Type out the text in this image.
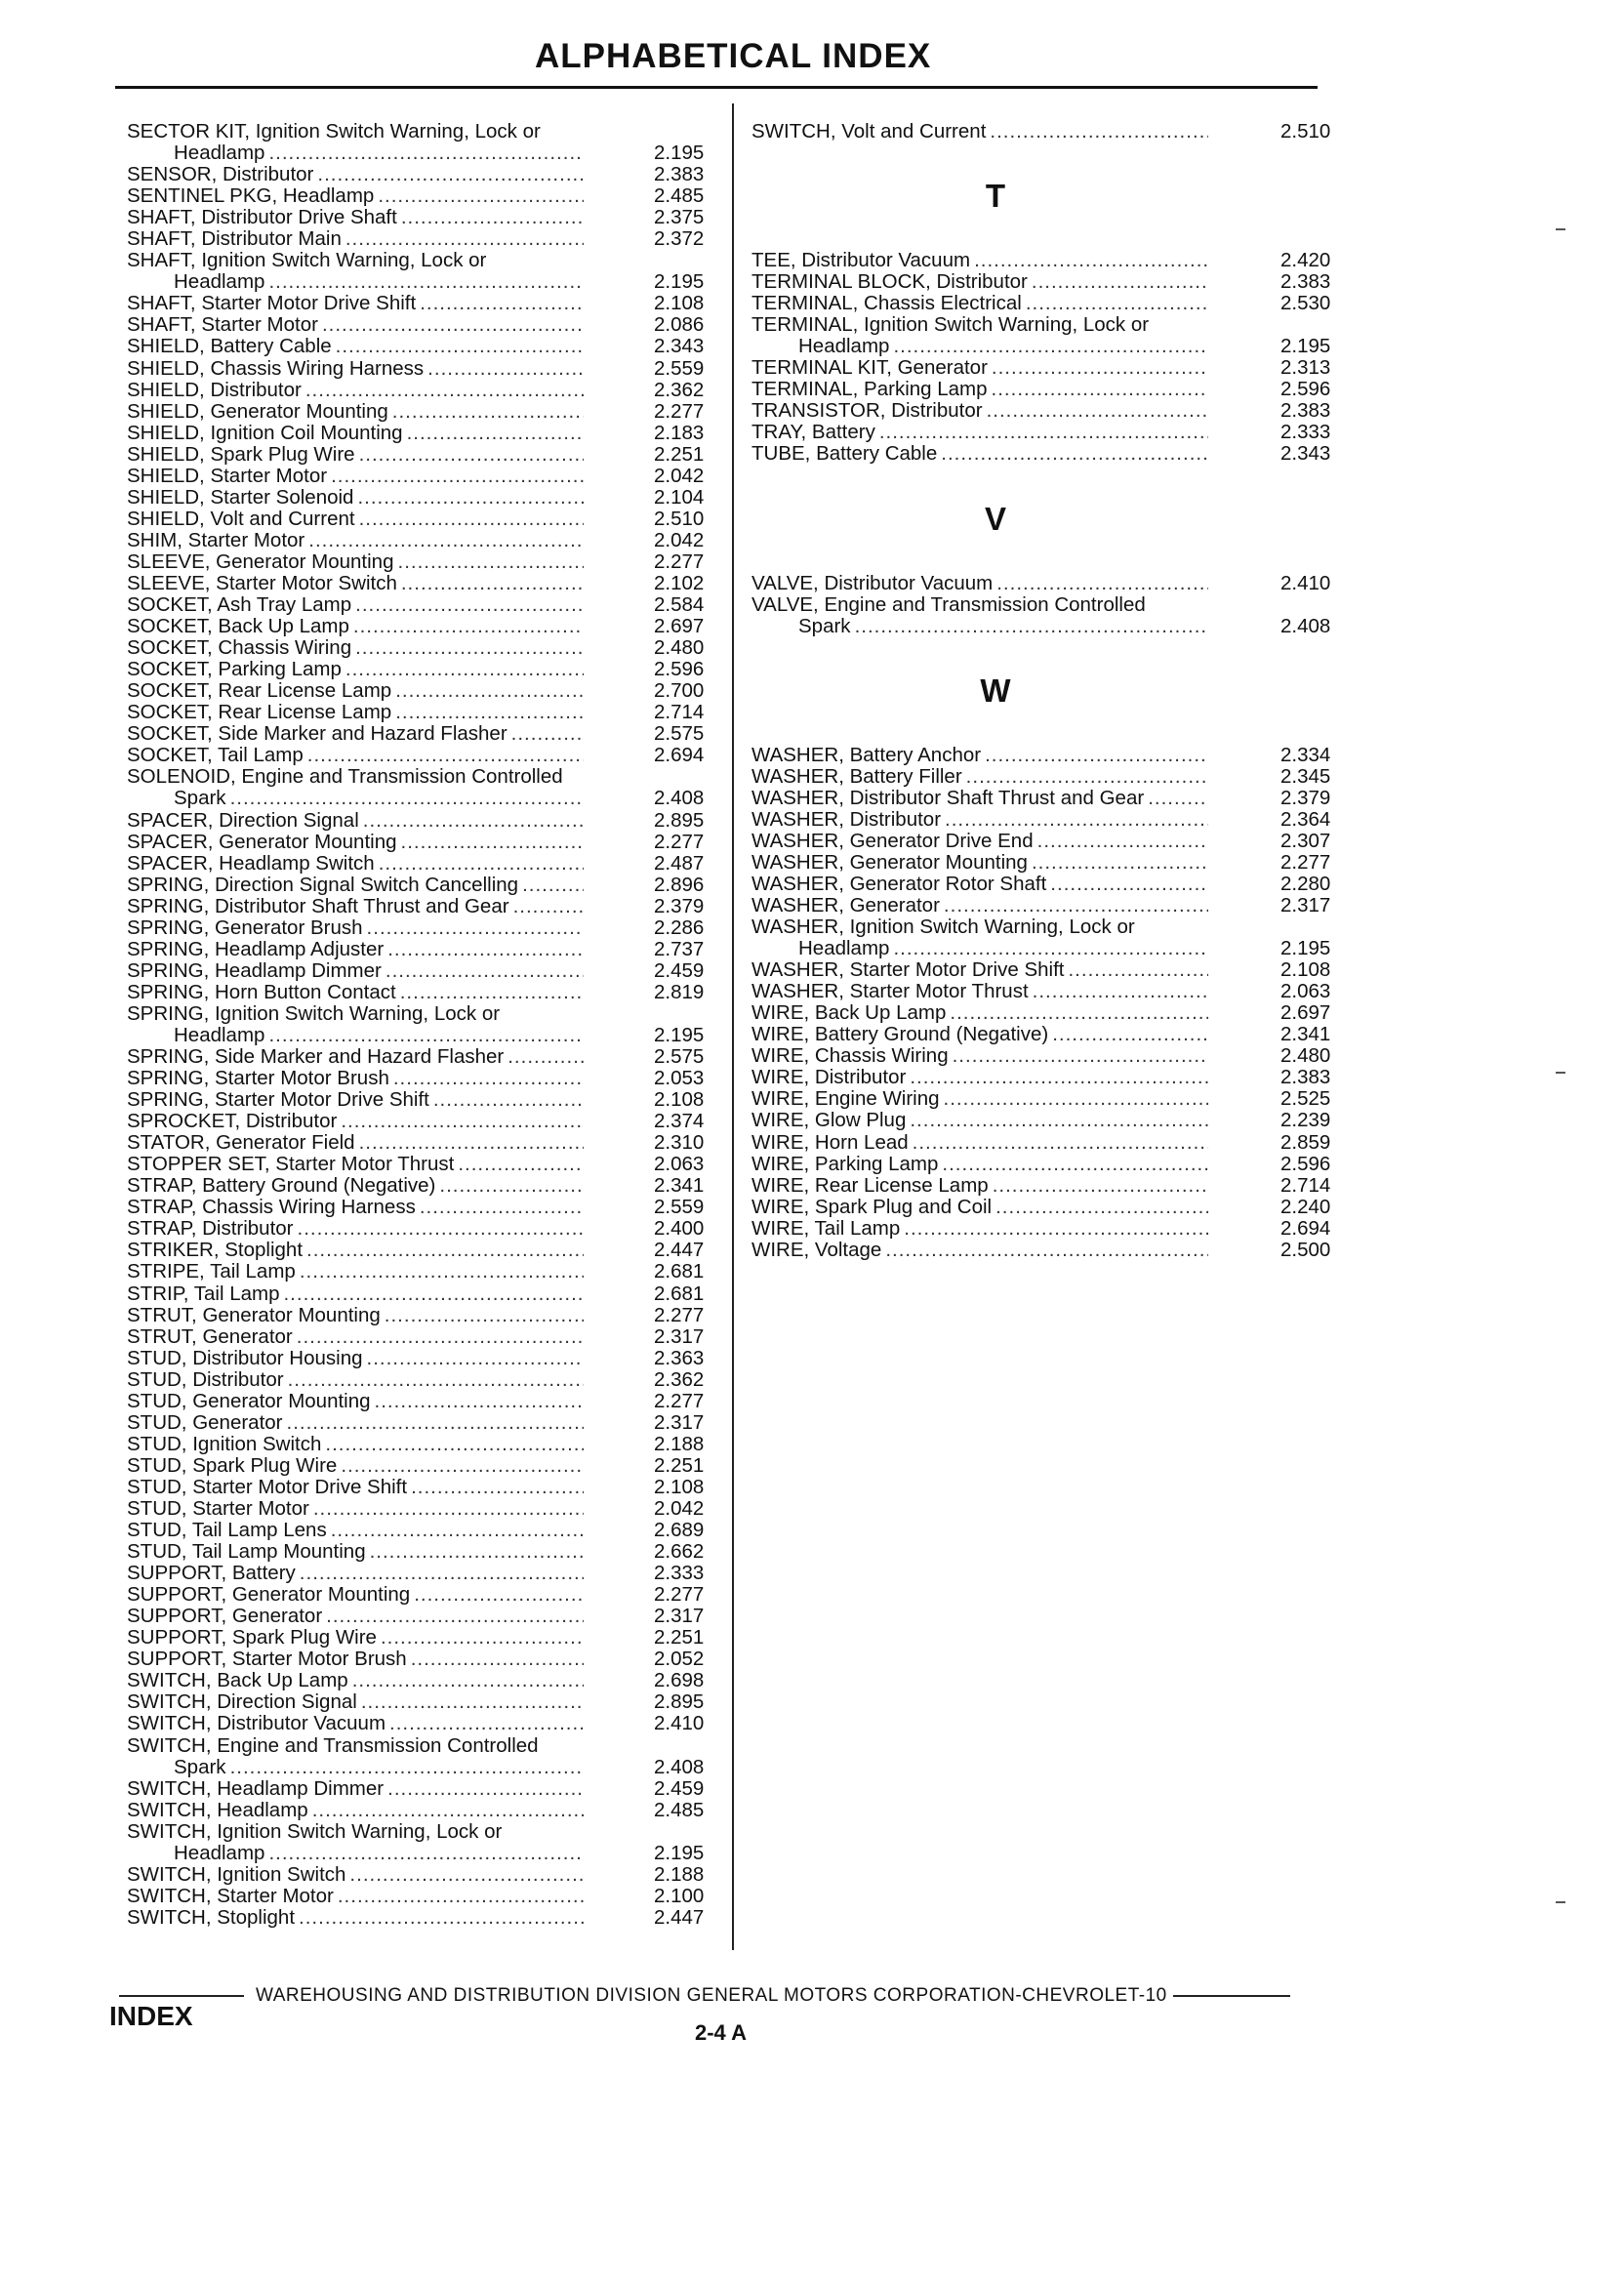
ALPHABETICAL INDEX
SECTOR KIT, Ignition Switch Warning, Lock or
Headlamp .....	2.195
SENSOR, Distributor .....	2.383
SENTINEL PKG, Headlamp .....	2.485
SHAFT, Distributor Drive Shaft .....	2.375
SHAFT, Distributor Main .....	2.372
SHAFT, Ignition Switch Warning, Lock or
Headlamp .....	2.195
SHAFT, Starter Motor Drive Shift .....	2.108
SHAFT, Starter Motor .....	2.086
SHIELD, Battery Cable .....	2.343
SHIELD, Chassis Wiring Harness .....	2.559
SHIELD, Distributor .....	2.362
SHIELD, Generator Mounting .....	2.277
SHIELD, Ignition Coil Mounting .....	2.183
SHIELD, Spark Plug Wire .....	2.251
SHIELD, Starter Motor .....	2.042
SHIELD, Starter Solenoid .....	2.104
SHIELD, Volt and Current .....	2.510
SHIM, Starter Motor .....	2.042
SLEEVE, Generator Mounting .....	2.277
SLEEVE, Starter Motor Switch .....	2.102
SOCKET, Ash Tray Lamp .....	2.584
SOCKET, Back Up Lamp .....	2.697
SOCKET, Chassis Wiring .....	2.480
SOCKET, Parking Lamp .....	2.596
SOCKET, Rear License Lamp .....	2.700
SOCKET, Rear License Lamp .....	2.714
SOCKET, Side Marker and Hazard Flasher .....	2.575
SOCKET, Tail Lamp .....	2.694
SOLENOID, Engine and Transmission Controlled
Spark .....	2.408
SPACER, Direction Signal .....	2.895
SPACER, Generator Mounting .....	2.277
SPACER, Headlamp Switch .....	2.487
SPRING, Direction Signal Switch Cancelling .....	2.896
SPRING, Distributor Shaft Thrust and Gear .....	2.379
SPRING, Generator Brush .....	2.286
SPRING, Headlamp Adjuster .....	2.737
SPRING, Headlamp Dimmer .....	2.459
SPRING, Horn Button Contact .....	2.819
SPRING, Ignition Switch Warning, Lock or
Headlamp .....	2.195
SPRING, Side Marker and Hazard Flasher .....	2.575
SPRING, Starter Motor Brush .....	2.053
SPRING, Starter Motor Drive Shift .....	2.108
SPROCKET, Distributor .....	2.374
STATOR, Generator Field .....	2.310
STOPPER SET, Starter Motor Thrust .....	2.063
STRAP, Battery Ground (Negative) .....	2.341
STRAP, Chassis Wiring Harness .....	2.559
STRAP, Distributor .....	2.400
STRIKER, Stoplight .....	2.447
STRIPE, Tail Lamp .....	2.681
STRIP, Tail Lamp .....	2.681
STRUT, Generator Mounting .....	2.277
STRUT, Generator .....	2.317
STUD, Distributor Housing .....	2.363
STUD, Distributor .....	2.362
STUD, Generator Mounting .....	2.277
STUD, Generator .....	2.317
STUD, Ignition Switch .....	2.188
STUD, Spark Plug Wire .....	2.251
STUD, Starter Motor Drive Shift .....	2.108
STUD, Starter Motor .....	2.042
STUD, Tail Lamp Lens .....	2.689
STUD, Tail Lamp Mounting .....	2.662
SUPPORT, Battery .....	2.333
SUPPORT, Generator Mounting .....	2.277
SUPPORT, Generator .....	2.317
SUPPORT, Spark Plug Wire .....	2.251
SUPPORT, Starter Motor Brush .....	2.052
SWITCH, Back Up Lamp .....	2.698
SWITCH, Direction Signal .....	2.895
SWITCH, Distributor Vacuum .....	2.410
SWITCH, Engine and Transmission Controlled
Spark .....	2.408
SWITCH, Headlamp Dimmer .....	2.459
SWITCH, Headlamp .....	2.485
SWITCH, Ignition Switch Warning, Lock or
Headlamp .....	2.195
SWITCH, Ignition Switch .....	2.188
SWITCH, Starter Motor .....	2.100
SWITCH, Stoplight .....	2.447
SWITCH, Volt and Current .....	2.510
T
TEE, Distributor Vacuum .....	2.420
TERMINAL BLOCK, Distributor .....	2.383
TERMINAL, Chassis Electrical .....	2.530
TERMINAL, Ignition Switch Warning, Lock or
Headlamp .....	2.195
TERMINAL KIT, Generator .....	2.313
TERMINAL, Parking Lamp .....	2.596
TRANSISTOR, Distributor .....	2.383
TRAY, Battery .....	2.333
TUBE, Battery Cable .....	2.343
V
VALVE, Distributor Vacuum .....	2.410
VALVE, Engine and Transmission Controlled
Spark .....	2.408
W
WASHER, Battery Anchor .....	2.334
WASHER, Battery Filler .....	2.345
WASHER, Distributor Shaft Thrust and Gear .....	2.379
WASHER, Distributor .....	2.364
WASHER, Generator Drive End .....	2.307
WASHER, Generator Mounting .....	2.277
WASHER, Generator Rotor Shaft .....	2.280
WASHER, Generator .....	2.317
WASHER, Ignition Switch Warning, Lock or
Headlamp .....	2.195
WASHER, Starter Motor Drive Shift .....	2.108
WASHER, Starter Motor Thrust .....	2.063
WIRE, Back Up Lamp .....	2.697
WIRE, Battery Ground (Negative) .....	2.341
WIRE, Chassis Wiring .....	2.480
WIRE, Distributor .....	2.383
WIRE, Engine Wiring .....	2.525
WIRE, Glow Plug .....	2.239
WIRE, Horn Lead .....	2.859
WIRE, Parking Lamp .....	2.596
WIRE, Rear License Lamp .....	2.714
WIRE, Spark Plug and Coil .....	2.240
WIRE, Tail Lamp .....	2.694
WIRE, Voltage .....	2.500
WAREHOUSING AND DISTRIBUTION DIVISION GENERAL MOTORS CORPORATION-CHEVROLET-10
INDEX
2-4 A
